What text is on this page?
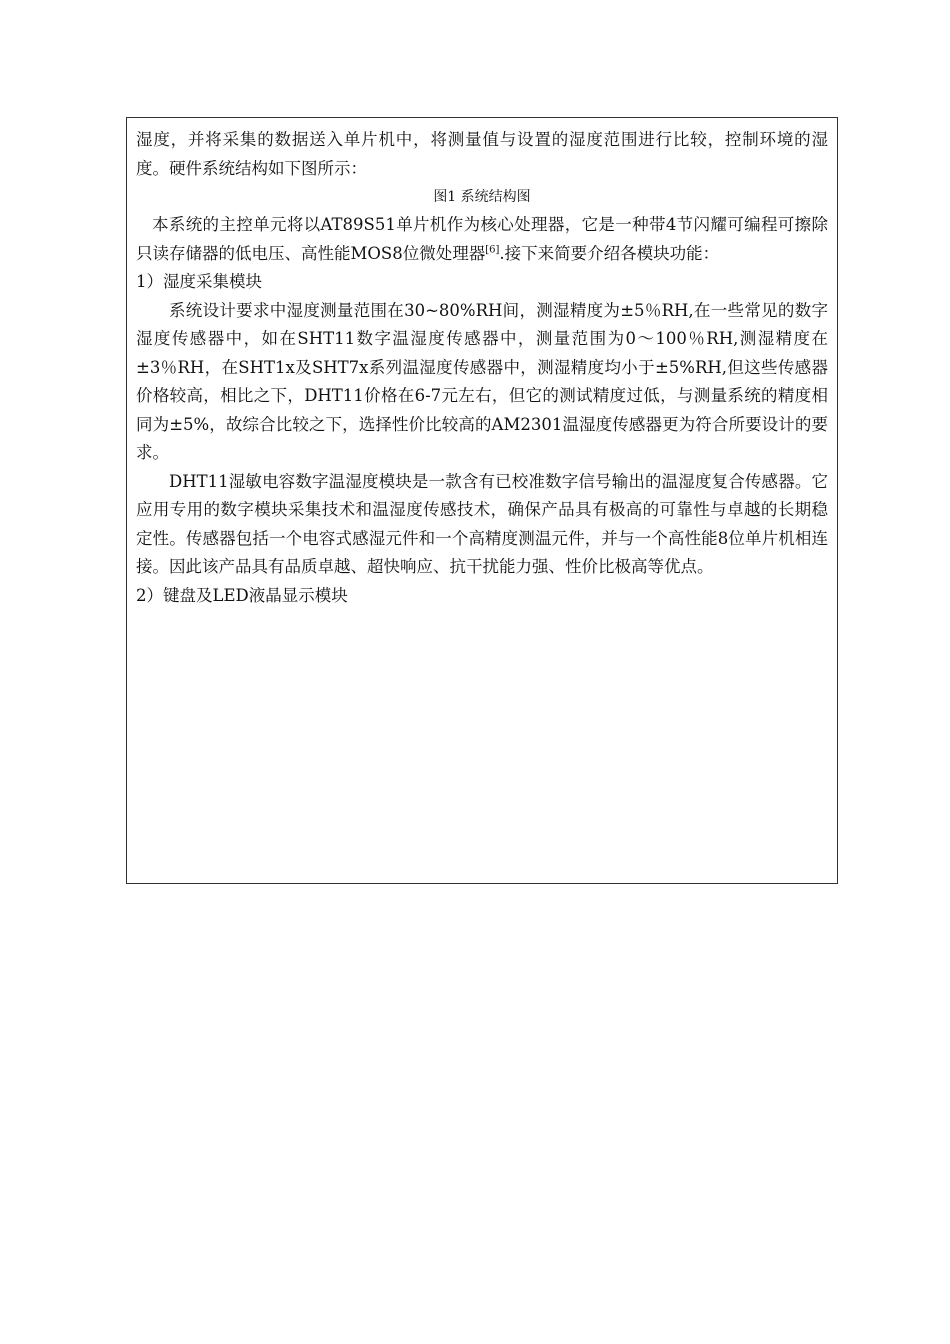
湿度，并将采集的数据送入单片机中，将测量值与设置的湿度范围进行比较，控制环境的湿度。硬件系统结构如下图所示：

图1 系统结构图

本系统的主控单元将以AT89S51单片机作为核心处理器，它是一种带4节闪耀可编程可擦除只读存储器的低电压、高性能MOS8位微处理器[6].接下来简要介绍各模块功能：

1）湿度采集模块

系统设计要求中湿度测量范围在30~80%RH间，测湿精度为±5％RH,在一些常见的数字湿度传感器中，如在SHT11数字温湿度传感器中，测量范围为0～100％RH,测湿精度在±3％RH，在SHT1x及SHT7x系列温湿度传感器中，测湿精度均小于±5%RH,但这些传感器价格较高，相比之下，DHT11价格在6-7元左右，但它的测试精度过低，与测量系统的精度相同为±5%，故综合比较之下，选择性价比较高的AM2301温湿度传感器更为符合所要设计的要求。

DHT11湿敏电容数字温湿度模块是一款含有已校准数字信号输出的温湿度复合传感器。它应用专用的数字模块采集技术和温湿度传感技术，确保产品具有极高的可靠性与卓越的长期稳定性。传感器包括一个电容式感湿元件和一个高精度测温元件，并与一个高性能8位单片机相连接。因此该产品具有品质卓越、超快响应、抗干扰能力强、性价比极高等优点。

2）键盘及LED液晶显示模块
